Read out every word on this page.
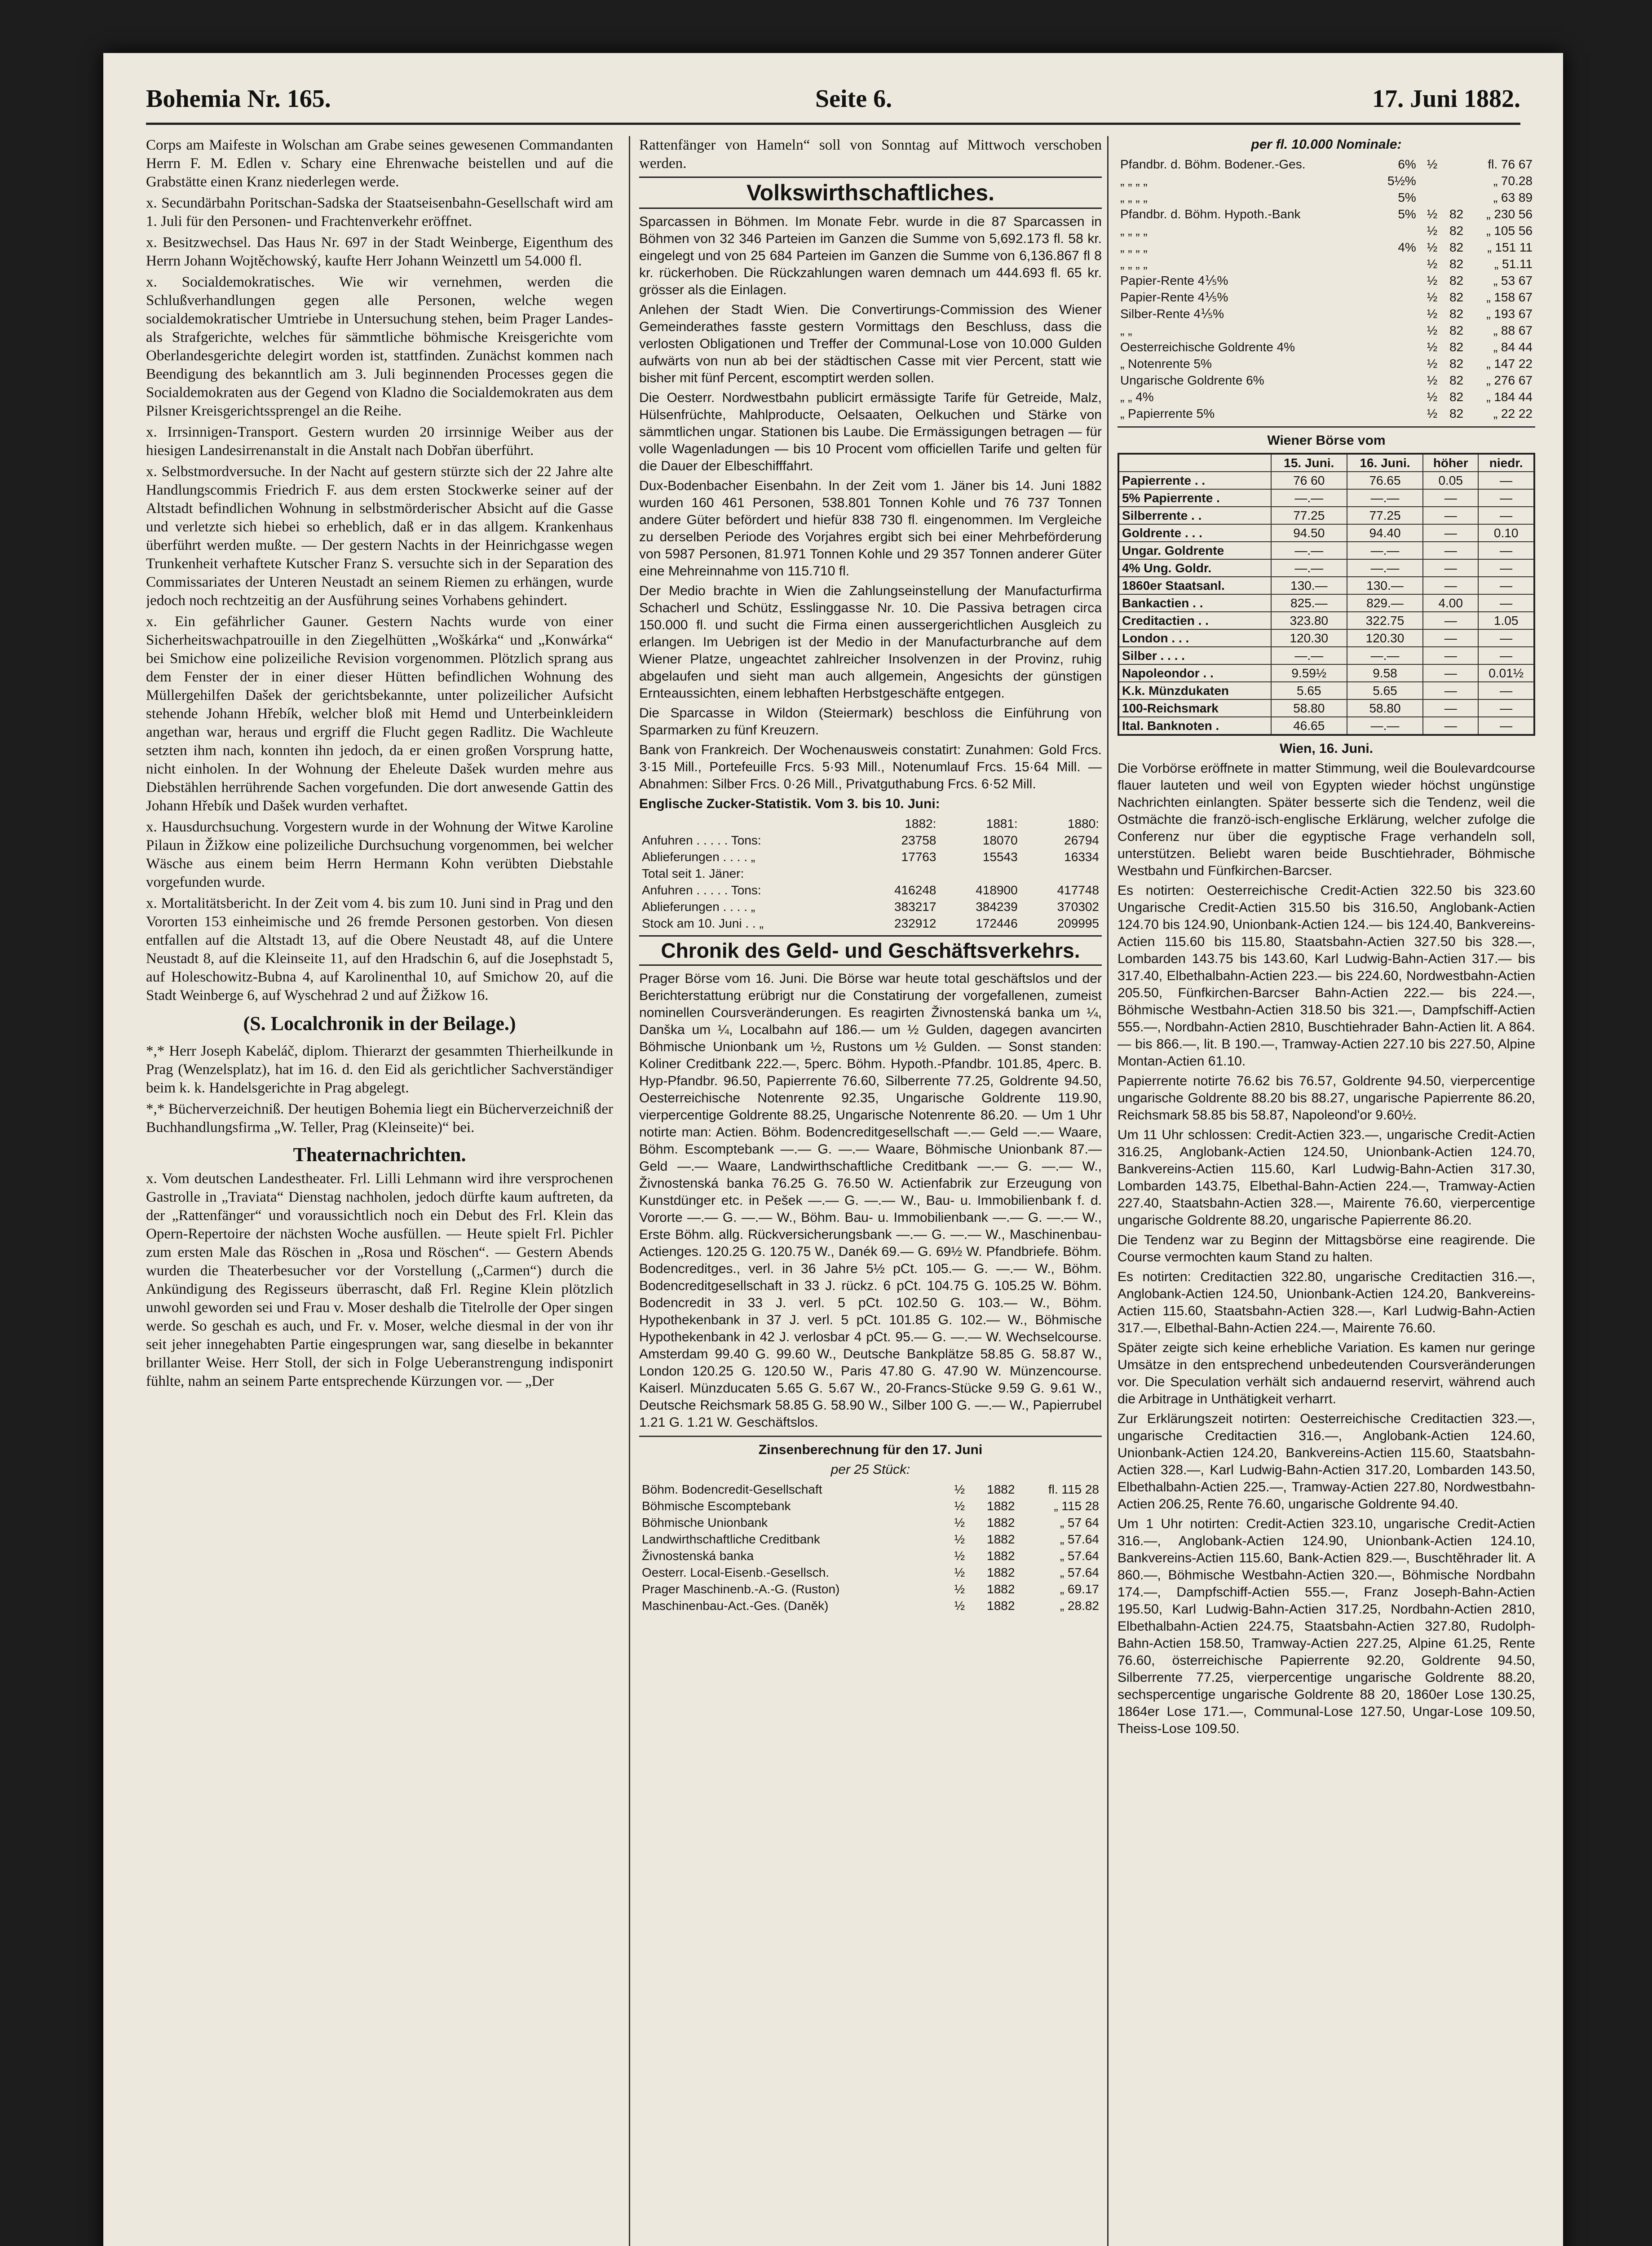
Bohemia Nr. 165.	Seite 6.	17. Juni 1882.

Corps am Maifeste in Wolschan am Grabe seines gewesenen Commandanten Herrn F. M. Edlen v. Schary eine Ehrenwache beistellen und auf die Grabstätte einen Kranz niederlegen werde.

x. Secundärbahn Poritschan-Sadska der Staatseisenbahn-Gesellschaft wird am 1. Juli für den Personen- und Frachtenverkehr eröffnet.

x. Besitzwechsel. Das Haus Nr. 697 in der Stadt Weinberge, Eigenthum des Herrn Johann Wojtěchowský, kaufte Herr Johann Weinzettl um 54.000 fl.

x. Socialdemokratisches. Wie wir vernehmen, werden die Schlußverhandlungen gegen alle Personen, welche wegen socialdemokratischer Umtriebe in Untersuchung stehen, beim Prager Landes- als Strafgerichte, welches für sämmtliche böhmische Kreisgerichte vom Oberlandesgerichte delegirt worden ist, stattfinden. Zunächst kommen nach Beendigung des bekanntlich am 3. Juli beginnenden Processes gegen die Socialdemokraten aus der Gegend von Kladno die Socialdemokraten aus dem Pilsner Kreisgerichtssprengel an die Reihe.

x. Irrsinnigen-Transport. Gestern wurden 20 irrsinnige Weiber aus der hiesigen Landesirrenanstalt in die Anstalt nach Dobřan überführt.

x. Selbstmordversuche. In der Nacht auf gestern stürzte sich der 22 Jahre alte Handlungscommis Friedrich F. aus dem ersten Stockwerke seiner auf der Altstadt befindlichen Wohnung in selbstmörderischer Absicht auf die Gasse und verletzte sich hiebei so erheblich, daß er in das allgem. Krankenhaus überführt werden mußte. — Der gestern Nachts in der Heinrichgasse wegen Trunkenheit verhaftete Kutscher Franz S. versuchte sich in der Separation des Commissariates der Unteren Neustadt an seinem Riemen zu erhängen, wurde jedoch noch rechtzeitig an der Ausführung seines Vorhabens gehindert.

x. Ein gefährlicher Gauner. Gestern Nachts wurde von einer Sicherheitswachpatrouille in den Ziegelhütten „Woškárka“ und „Konwárka“ bei Smichow eine polizeiliche Revision vorgenommen. Plötzlich sprang aus dem Fenster der in einer dieser Hütten befindlichen Wohnung des Müllergehilfen Dašek der gerichtsbekannte, unter polizeilicher Aufsicht stehende Johann Hřebík, welcher bloß mit Hemd und Unterbeinkleidern angethan war, heraus und ergriff die Flucht gegen Radlitz. Die Wachleute setzten ihm nach, konnten ihn jedoch, da er einen großen Vorsprung hatte, nicht einholen. In der Wohnung der Eheleute Dašek wurden mehre aus Diebstählen herrührende Sachen vorgefunden. Die dort anwesende Gattin des Johann Hřebík und Dašek wurden verhaftet.

x. Hausdurchsuchung. Vorgestern wurde in der Wohnung der Witwe Karoline Pilaun in Žižkow eine polizeiliche Durchsuchung vorgenommen, bei welcher Wäsche aus einem beim Herrn Hermann Kohn verübten Diebstahle vorgefunden wurde.

x. Mortalitätsbericht. In der Zeit vom 4. bis zum 10. Juni sind in Prag und den Vororten 153 einheimische und 26 fremde Personen gestorben. Von diesen entfallen auf die Altstadt 13, auf die Obere Neustadt 48, auf die Untere Neustadt 8, auf die Kleinseite 11, auf den Hradschin 6, auf die Josephstadt 5, auf Holeschowitz-Bubna 4, auf Karolinenthal 10, auf Smichow 20, auf die Stadt Weinberge 6, auf Wyschehrad 2 und auf Žižkow 16.

(S. Localchronik in der Beilage.)

*,* Herr Joseph Kabeláč, diplom. Thierarzt der gesammten Thierheilkunde in Prag (Wenzelsplatz), hat im 16. d. den Eid als gerichtlicher Sachverständiger beim k. k. Handelsgerichte in Prag abgelegt.

*,* Bücherverzeichniß. Der heutigen Bohemia liegt ein Bücherverzeichniß der Buchhandlungsfirma „W. Teller, Prag (Kleinseite)“ bei.

Theaternachrichten.

x. Vom deutschen Landestheater. Frl. Lilli Lehmann wird ihre versprochenen Gastrolle in „Traviata“ Dienstag nachholen, jedoch dürfte kaum auftreten, da der „Rattenfänger“ und voraussichtlich noch ein Debut des Frl. Klein das Opern-Repertoire der nächsten Woche ausfüllen. — Heute spielt Frl. Pichler zum ersten Male das Röschen in „Rosa und Röschen“. — Gestern Abends wurden die Theaterbesucher vor der Vorstellung („Carmen“) durch die Ankündigung des Regisseurs überrascht, daß Frl. Regine Klein plötzlich unwohl geworden sei und Frau v. Moser deshalb die Titelrolle der Oper singen werde. So geschah es auch, und Fr. v. Moser, welche diesmal in der von ihr seit jeher innegehabten Partie eingesprungen war, sang dieselbe in bekannter brillanter Weise. Herr Stoll, der sich in Folge Ueberanstrengung indisponirt fühlte, nahm an seinem Parte entsprechende Kürzungen vor. — „Der

Rattenfänger von Hameln“ soll von Sonntag auf Mittwoch verschoben werden.

Volkswirthschaftliches.

Sparcassen in Böhmen. Im Monate Febr. wurde in die 87 Sparcassen in Böhmen von 32 346 Parteien im Ganzen die Summe von 5,692.173 fl. 58 kr. eingelegt und von 25 684 Parteien im Ganzen die Summe von 6,136.867 fl 8 kr. rückerhoben. Die Rückzahlungen waren demnach um 444.693 fl. 65 kr. grösser als die Einlagen.

Anlehen der Stadt Wien. Die Convertirungs-Commission des Wiener Gemeinderathes fasste gestern Vormittags den Beschluss, dass die verlosten Obligationen und Treffer der Communal-Lose von 10.000 Gulden aufwärts von nun ab bei der städtischen Casse mit vier Percent, statt wie bisher mit fünf Percent, escomptirt werden sollen.

Die Oesterr. Nordwestbahn publicirt ermässigte Tarife für Getreide, Malz, Hülsenfrüchte, Mahlproducte, Oelsaaten, Oelkuchen und Stärke von sämmtlichen ungar. Stationen bis Laube. Die Ermässigungen betragen — für volle Wagenladungen — bis 10 Procent vom officiellen Tarife und gelten für die Dauer der Elbeschifffahrt.

Dux-Bodenbacher Eisenbahn. In der Zeit vom 1. Jäner bis 14. Juni 1882 wurden 160 461 Personen, 538.801 Tonnen Kohle und 76 737 Tonnen andere Güter befördert und hiefür 838 730 fl. eingenommen. Im Vergleiche zu derselben Periode des Vorjahres ergibt sich bei einer Mehrbeförderung von 5987 Personen, 81.971 Tonnen Kohle und 29 357 Tonnen anderer Güter eine Mehreinnahme von 115.710 fl.

Der Medio brachte in Wien die Zahlungseinstellung der Manufacturfirma Schacherl und Schütz, Esslinggasse Nr. 10. Die Passiva betragen circa 150.000 fl. und sucht die Firma einen aussergerichtlichen Ausgleich zu erlangen. Im Uebrigen ist der Medio in der Manufacturbranche auf dem Wiener Platze, ungeachtet zahlreicher Insolvenzen in der Provinz, ruhig abgelaufen und sieht man auch allgemein, Angesichts der günstigen Ernteaussichten, einem lebhaften Herbstgeschäfte entgegen.

Die Sparcasse in Wildon (Steiermark) beschloss die Einführung von Sparmarken zu fünf Kreuzern.

Bank von Frankreich. Der Wochenausweis constatirt: Zunahmen: Gold Frcs. 3·15 Mill., Portefeuille Frcs. 5·93 Mill., Notenumlauf Frcs. 15·64 Mill. — Abnahmen: Silber Frcs. 0·26 Mill., Privatguthabung Frcs. 6·52 Mill.

Englische Zucker-Statistik. Vom 3. bis 10. Juni:

	1882:	1881:	1880:
Anfuhren . . . . . Tons:	23758	18070	26794
Ablieferungen . . . . „	17763	15543	16334
Total seit 1. Jäner:			
Anfuhren . . . . . Tons:	416248	418900	417748
Ablieferungen . . . . „	383217	384239	370302
Stock am 10. Juni . . „	232912	172446	209995
Chronik des Geld- und Geschäftsverkehrs.

Prager Börse vom 16. Juni. Die Börse war heute total geschäftslos und der Berichterstattung erübrigt nur die Constatirung der vorgefallenen, zumeist nominellen Coursveränderungen. Es reagirten Živnostenská banka um ¼, Danška um ¼, Localbahn auf 186.— um ½ Gulden, dagegen avancirten Böhmische Unionbank um ½, Rustons um ½ Gulden. — Sonst standen: Koliner Creditbank 222.—, 5perc. Böhm. Hypoth.-Pfandbr. 101.85, 4perc. B. Hyp-Pfandbr. 96.50, Papierrente 76.60, Silberrente 77.25, Goldrente 94.50, Oesterreichische Notenrente 92.35, Ungarische Goldrente 119.90, vierpercentige Goldrente 88.25, Ungarische Notenrente 86.20. — Um 1 Uhr notirte man: Actien. Böhm. Bodencreditgesellschaft —.— Geld —.— Waare, Böhm. Escomptebank —.— G. —.— Waare, Böhmische Unionbank 87.— Geld —.— Waare, Landwirthschaftliche Creditbank —.— G. —.— W., Živnostenská banka 76.25 G. 76.50 W. Actienfabrik zur Erzeugung von Kunstdünger etc. in Pešek —.— G. —.— W., Bau- u. Immobilienbank f. d. Vororte —.— G. —.— W., Böhm. Bau- u. Immobilienbank —.— G. —.— W., Erste Böhm. allg. Rückversicherungsbank —.— G. —.— W., Maschinenbau-Actienges. 120.25 G. 120.75 W., Danék 69.— G. 69½ W. Pfandbriefe. Böhm. Bodencreditges., verl. in 36 Jahre 5½ pCt. 105.— G. —.— W., Böhm. Bodencreditgesellschaft in 33 J. rückz. 6 pCt. 104.75 G. 105.25 W. Böhm. Bodencredit in 33 J. verl. 5 pCt. 102.50 G. 103.— W., Böhm. Hypothekenbank in 37 J. verl. 5 pCt. 101.85 G. 102.— W., Böhmische Hypothekenbank in 42 J. verlosbar 4 pCt. 95.— G. —.— W. Wechselcourse. Amsterdam 99.40 G. 99.60 W., Deutsche Bankplätze 58.85 G. 58.87 W., London 120.25 G. 120.50 W., Paris 47.80 G. 47.90 W. Münzencourse. Kaiserl. Münzducaten 5.65 G. 5.67 W., 20-Francs-Stücke 9.59 G. 9.61 W., Deutsche Reichsmark 58.85 G. 58.90 W., Silber 100 G. —.— W., Papierrubel 1.21 G. 1.21 W. Geschäftslos.

Zinsenberechnung für den 17. Juni

per 25 Stück:

Böhm. Bodencredit-Gesellschaft	½	1882	fl. 115 28
Böhmische Escomptebank	½	1882	„ 115 28
Böhmische Unionbank	½	1882	„ 57 64
Landwirthschaftliche Creditbank	½	1882	„ 57.64
Živnostenská banka	½	1882	„ 57.64
Oesterr. Local-Eisenb.-Gesellsch.	½	1882	„ 57.64
Prager Maschinenb.-A.-G. (Ruston)	½	1882	„ 69.17
Maschinenbau-Act.-Ges. (Daněk)	½	1882	„ 28.82

per fl. 10.000 Nominale:

Pfandbr. d. Böhm. Bodener.-Ges.	6%	½		fl. 76 67
„ „ „ „	5½%			„ 70.28
„ „ „ „	5%			„ 63 89
Pfandbr. d. Böhm. Hypoth.-Bank	5%	½	82	„ 230 56
„ „ „ „		½	82	„ 105 56
„ „ „ „	4%	½	82	„ 151 11
„ „ „ „		½	82	„ 51.11
Papier-Rente 4⅕%		½	82	„ 53 67
Papier-Rente 4⅕%		½	82	„ 158 67
Silber-Rente 4⅕%		½	82	„ 193 67
„ „		½	82	„ 88 67
Oesterreichische Goldrente 4%		½	82	„ 84 44
„ Notenrente 5%		½	82	„ 147 22
Ungarische Goldrente 6%		½	82	„ 276 67
„ „ 4%		½	82	„ 184 44
„ Papierrente 5%		½	82	„ 22 22

Wiener Börse vom

	15. Juni.	16. Juni.	höher	niedr.
Papierrente . .	76 60	76.65	0.05	—
5% Papierrente .	—.—	—.—	—	—
Silberrente . .	77.25	77.25	—	—
Goldrente . . .	94.50	94.40	—	0.10
Ungar. Goldrente	—.—	—.—	—	—
4% Ung. Goldr.	—.—	—.—	—	—
1860er Staatsanl.	130.—	130.—	—	—
Bankactien . .	825.—	829.—	4.00	—
Creditactien . .	323.80	322.75	—	1.05
London . . .	120.30	120.30	—	—
Silber . . . .	—.—	—.—	—	—
Napoleondor . .	9.59½	9.58	—	0.01½
K.k. Münzdukaten	5.65	5.65	—	—
100-Reichsmark	58.80	58.80	—	—
Ital. Banknoten .	46.65	—.—	—	—

Wien, 16. Juni.

Die Vorbörse eröffnete in matter Stimmung, weil die Boulevardcourse flauer lauteten und weil von Egypten wieder höchst ungünstige Nachrichten einlangten. Später besserte sich die Tendenz, weil die Ostmächte die franzö-isch-englische Erklärung, welcher zufolge die Conferenz nur über die egyptische Frage verhandeln soll, unterstützen. Beliebt waren beide Buschtiehrader, Böhmische Westbahn und Fünfkirchen-Barcser.

Es notirten: Oesterreichische Credit-Actien 322.50 bis 323.60 Ungarische Credit-Actien 315.50 bis 316.50, Anglobank-Actien 124.70 bis 124.90, Unionbank-Actien 124.— bis 124.40, Bankvereins-Actien 115.60 bis 115.80, Staatsbahn-Actien 327.50 bis 328.—, Lombarden 143.75 bis 143.60, Karl Ludwig-Bahn-Actien 317.— bis 317.40, Elbethalbahn-Actien 223.— bis 224.60, Nordwestbahn-Actien 205.50, Fünfkirchen-Barcser Bahn-Actien 222.— bis 224.—, Böhmische Westbahn-Actien 318.50 bis 321.—, Dampfschiff-Actien 555.—, Nordbahn-Actien 2810, Buschtiehrader Bahn-Actien lit. A 864.— bis 866.—, lit. B 190.—, Tramway-Actien 227.10 bis 227.50, Alpine Montan-Actien 61.10.

Papierrente notirte 76.62 bis 76.57, Goldrente 94.50, vierpercentige ungarische Goldrente 88.20 bis 88.27, ungarische Papierrente 86.20, Reichsmark 58.85 bis 58.87, Napoleond'or 9.60½.

Um 11 Uhr schlossen: Credit-Actien 323.—, ungarische Credit-Actien 316.25, Anglobank-Actien 124.50, Unionbank-Actien 124.70, Bankvereins-Actien 115.60, Karl Ludwig-Bahn-Actien 317.30, Lombarden 143.75, Elbethal-Bahn-Actien 224.—, Tramway-Actien 227.40, Staatsbahn-Actien 328.—, Mairente 76.60, vierpercentige ungarische Goldrente 88.20, ungarische Papierrente 86.20.

Die Tendenz war zu Beginn der Mittagsbörse eine reagirende. Die Course vermochten kaum Stand zu halten.

Es notirten: Creditactien 322.80, ungarische Creditactien 316.—, Anglobank-Actien 124.50, Unionbank-Actien 124.20, Bankvereins-Actien 115.60, Staatsbahn-Actien 328.—, Karl Ludwig-Bahn-Actien 317.—, Elbethal-Bahn-Actien 224.—, Mairente 76.60.

Später zeigte sich keine erhebliche Variation. Es kamen nur geringe Umsätze in den entsprechend unbedeutenden Coursveränderungen vor. Die Speculation verhält sich andauernd reservirt, während auch die Arbitrage in Unthätigkeit verharrt.

Zur Erklärungszeit notirten: Oesterreichische Creditactien 323.—, ungarische Creditactien 316.—, Anglobank-Actien 124.60, Unionbank-Actien 124.20, Bankvereins-Actien 115.60, Staatsbahn-Actien 328.—, Karl Ludwig-Bahn-Actien 317.20, Lombarden 143.50, Elbethalbahn-Actien 225.—, Tramway-Actien 227.80, Nordwestbahn-Actien 206.25, Rente 76.60, ungarische Goldrente 94.40.

Um 1 Uhr notirten: Credit-Actien 323.10, ungarische Credit-Actien 316.—, Anglobank-Actien 124.90, Unionbank-Actien 124.10, Bankvereins-Actien 115.60, Bank-Actien 829.—, Buschtěhrader lit. A 860.—, Böhmische Westbahn-Actien 320.—, Böhmische Nordbahn 174.—, Dampfschiff-Actien 555.—, Franz Joseph-Bahn-Actien 195.50, Karl Ludwig-Bahn-Actien 317.25, Nordbahn-Actien 2810, Elbethalbahn-Actien 224.75, Staatsbahn-Actien 327.80, Rudolph-Bahn-Actien 158.50, Tramway-Actien 227.25, Alpine 61.25, Rente 76.60, österreichische Papierrente 92.20, Goldrente 94.50, Silberrente 77.25, vierpercentige ungarische Goldrente 88.20, sechspercentige ungarische Goldrente 88 20, 1860er Lose 130.25, 1864er Lose 171.—, Communal-Lose 127.50, Ungar-Lose 109.50, Theiss-Lose 109.50.
